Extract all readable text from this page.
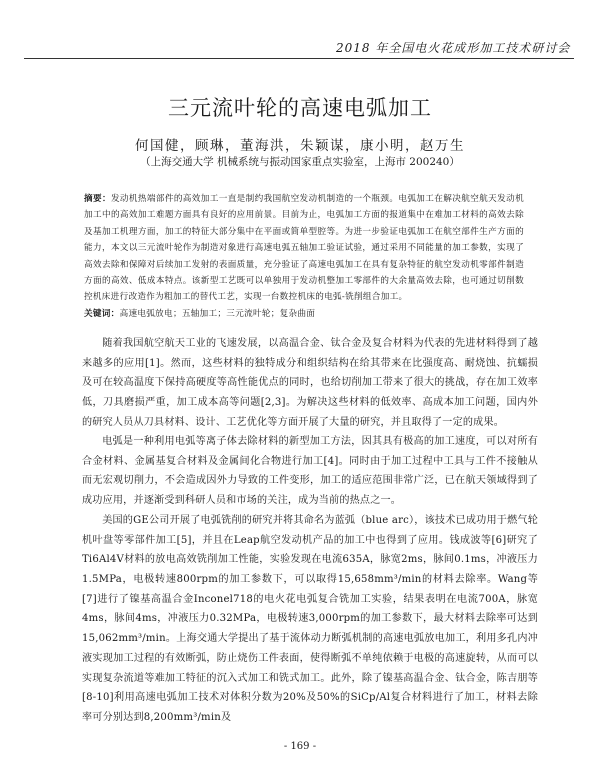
2018 年全国电火花成形加工技术研讨会
三元流叶轮的高速电弧加工
何国健，顾琳，董海洪，朱颖谋，康小明，赵万生
（上海交通大学 机械系统与振动国家重点实验室，上海市 200240）
摘要：发动机热端部件的高效加工一直是制约我国航空发动机制造的一个瓶颈。电弧加工在解决航空航天发动机加工中的高效加工难题方面具有良好的应用前景。目前为止，电弧加工方面的报道集中在难加工材料的高效去除及基加工机理方面，加工的特征大部分集中在平面或简单型腔等。为进一步验证电弧加工在航空部件生产方面的能力，本文以三元流叶轮作为制造对象进行高速电弧五轴加工验证试验，通过采用不同能量的加工参数，实现了高效去除和保障对后续加工发射的表面质量，充分验证了高速电弧加工在具有复杂特征的航空发动机零部件制造方面的高效、低成本特点。该新型工艺既可以单独用于发动机整加工零部件的大余量高效去除，也可通过切削数控机床进行改造作为粗加工的替代工艺，实现一台数控机床的电弧-铣削组合加工。
关键词：高速电弧放电；五轴加工；三元流叶轮；复杂曲面
随着我国航空航天工业的飞速发展，以高温合金、钛合金及复合材料为代表的先进材料得到了越来越多的应用[1]。然而，这些材料的独特成分和组织结构在给其带来在比强度高、耐烧蚀、抗蠕损及可在较高温度下保持高硬度等高性能优点的同时，也给切削加工带来了很大的挑战，存在加工效率低，刀具磨损严重，加工成本高等问题[2,3]。为解决这些材料的低效率、高成本加工问题，国内外的研究人员从刀具材料、设计、工艺优化等方面开展了大量的研究，并且取得了一定的成果。
电弧是一种利用电弧等离子体去除材料的新型加工方法，因其具有极高的加工速度，可以对所有合金材料、金属基复合材料及金属间化合物进行加工[4]。同时由于加工过程中工具与工件不接触从而无宏观切削力，不会造成因外力导致的工件变形，加工的适应范围非常广泛，已在航天领域得到了成功应用，并逐渐受到科研人员和市场的关注，成为当前的热点之一。
美国的GE公司开展了电弧铣削的研究并将其命名为蓝弧（blue arc），该技术已成功用于燃气轮机叶盘等零部件加工[5]，并且在Leap航空发动机产品的加工中也得到了应用。钱成波等[6]研究了Ti6Al4V材料的放电高效铣削加工性能，实验发现在电流635A，脉宽2ms，脉间0.1ms，冲液压力1.5MPa，电极转速800rpm的加工参数下，可以取得15,658mm³/min的材料去除率。Wang等[7]进行了镍基高温合金Inconel718的电火花电弧复合铣加工实验，结果表明在电流700A，脉宽4ms，脉间4ms，冲液压力0.32MPa，电极转速3,000rpm的加工参数下，最大材料去除率可达到15,062mm³/min。上海交通大学提出了基于流体动力断弧机制的高速电弧放电加工，利用多孔内冲液实现加工过程的有效断弧，防止烧伤工件表面，使得断弧不单纯依赖于电极的高速旋转，从而可以实现复杂流道等难加工特征的沉入式加工和铣式加工。此外，除了镍基高温合金、钛合金，陈吉朋等[8-10]利用高速电弧加工技术对体积分数为20%及50%的SiCp/Al复合材料进行了加工，材料去除率可分别达到8,200mm³/min及
- 169 -
